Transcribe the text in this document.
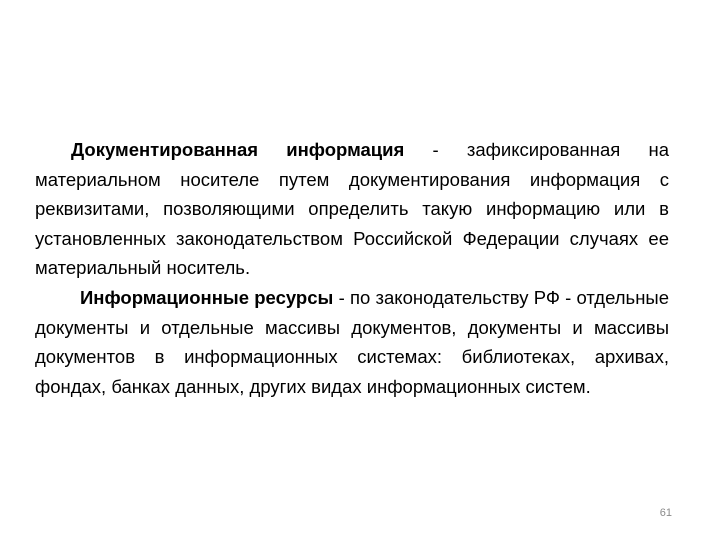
Документированная информация - зафиксированная на материальном носителе путем документирования информация с реквизитами, позволяющими определить такую информацию или в установленных законодательством Российской Федерации случаях ее материальный носитель.

Информационные ресурсы - по законодательству РФ - отдельные документы и отдельные массивы документов, документы и массивы документов в информационных системах: библиотеках, архивах, фондах, банках данных, других видах информационных систем.

61
